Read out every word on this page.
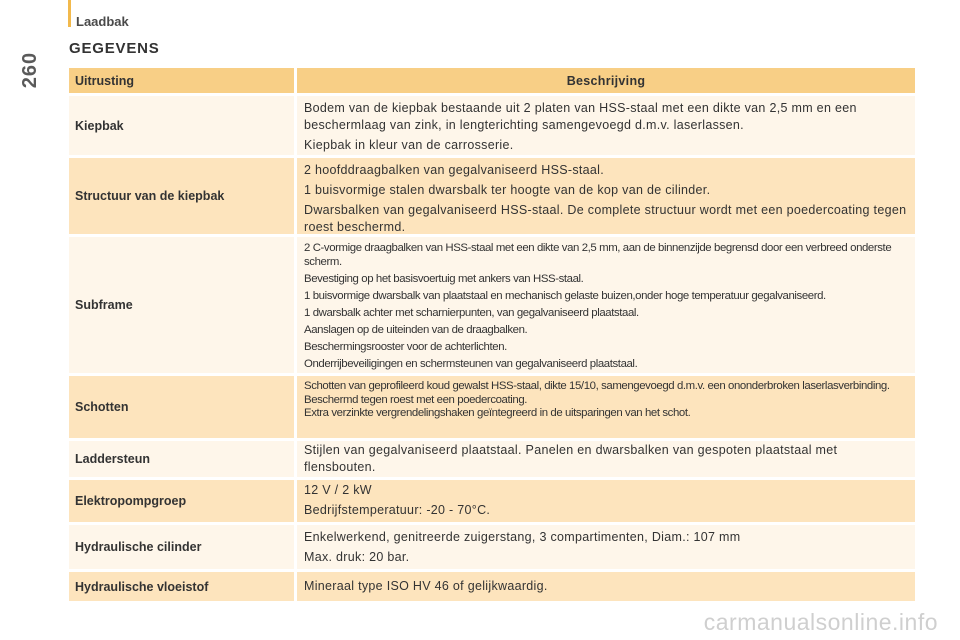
Laadbak
260
GEGEVENS
Uitrusting	Beschrijving
Kiepbak
Bodem van de kiepbak bestaande uit 2 platen van HSS-staal met een dikte van 2,5 mm en een beschermlaag van zink, in lengterichting samengevoegd d.m.v. laserlassen.
Kiepbak in kleur van de carrosserie.
Structuur van de kiepbak
2 hoofddraagbalken van gegalvaniseerd HSS-staal.
1 buisvormige stalen dwarsbalk ter hoogte van de kop van de cilinder.
Dwarsbalken van gegalvaniseerd HSS-staal. De complete structuur wordt met een poedercoating tegen roest beschermd.
Subframe
2 C-vormige draagbalken van HSS-staal met een dikte van 2,5 mm, aan de binnenzijde begrensd door een verbreed onderste scherm.
Bevestiging op het basisvoertuig met ankers van HSS-staal.
1 buisvormige dwarsbalk van plaatstaal en mechanisch gelaste buizen,onder hoge temperatuur gegalvaniseerd.
1 dwarsbalk achter met scharnierpunten, van gegalvaniseerd plaatstaal.
Aanslagen op de uiteinden van de draagbalken.
Beschermingsrooster voor de achterlichten.
Onderrijbeveiligingen en schermsteunen van gegalvaniseerd plaatstaal.
Schotten
Schotten van geprofileerd koud gewalst HSS-staal, dikte 15/10, samengevoegd d.m.v. een ononderbroken laserlasverbinding.
Beschermd tegen roest met een poedercoating.
Extra verzinkte vergrendelingshaken geïntegreerd in de uitsparingen van het schot.
Laddersteun
Stijlen van gegalvaniseerd plaatstaal. Panelen en dwarsbalken van gespoten plaatstaal met flensbouten.
Elektropompgroep
12 V / 2 kW
Bedrijfstemperatuur: -20 - 70°C.
Hydraulische cilinder
Enkelwerkend, genitreerde zuigerstang, 3 compartimenten, Diam.: 107 mm
Max. druk: 20 bar.
Hydraulische vloeistof	Mineraal type ISO HV 46 of gelijkwaardig.
carmanualsonline.info
